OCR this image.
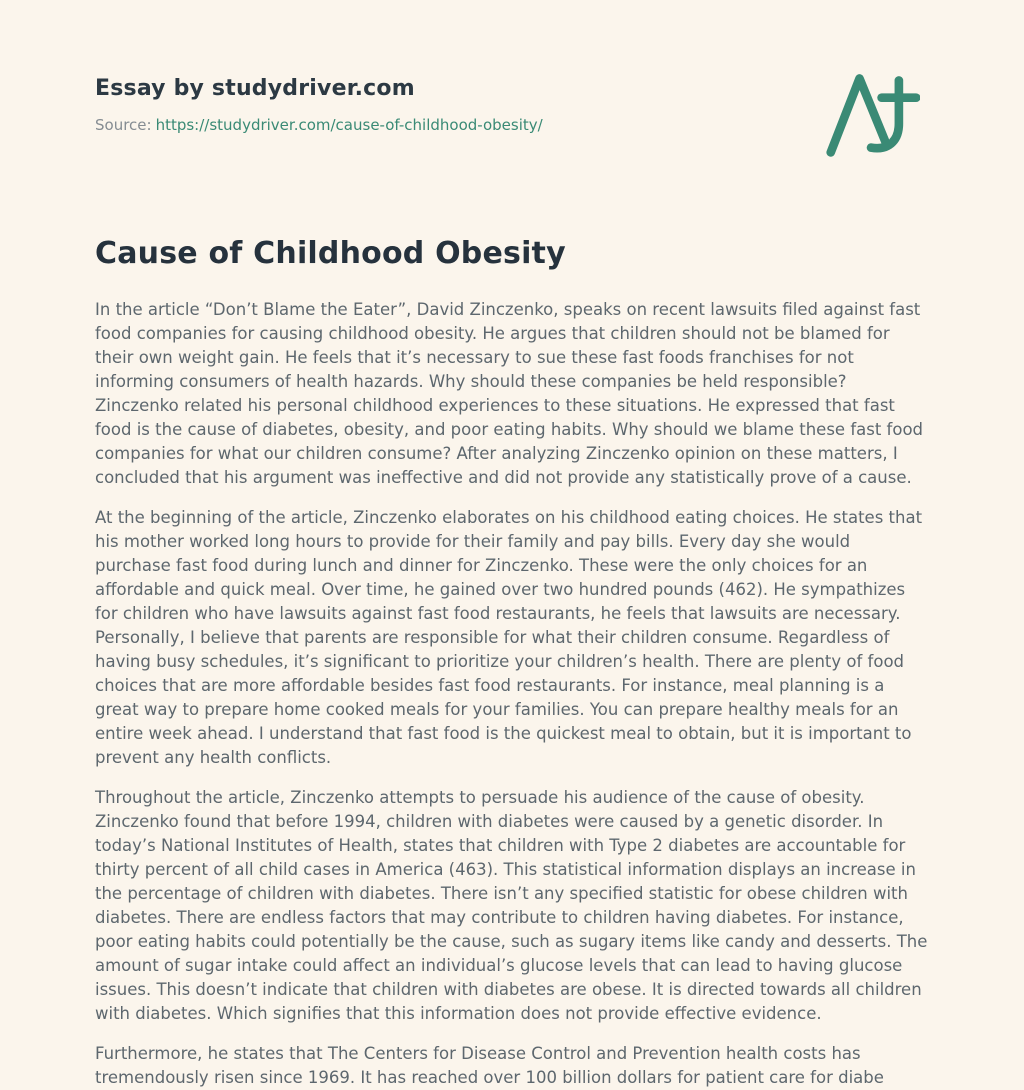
Essay by studydriver.com
Source: https://studydriver.com/cause-of-childhood-obesity/
Cause of Childhood Obesity

In the article “Don’t Blame the Eater”, David Zinczenko, speaks on recent lawsuits filed against fast food companies for causing childhood obesity. He argues that children should not be blamed for their own weight gain. He feels that it’s necessary to sue these fast foods franchises for not informing consumers of health hazards. Why should these companies be held responsible? Zinczenko related his personal childhood experiences to these situations. He expressed that fast food is the cause of diabetes, obesity, and poor eating habits. Why should we blame these fast food companies for what our children consume? After analyzing Zinczenko opinion on these matters, I concluded that his argument was ineffective and did not provide any statistically prove of a cause.

At the beginning of the article, Zinczenko elaborates on his childhood eating choices. He states that his mother worked long hours to provide for their family and pay bills. Every day she would purchase fast food during lunch and dinner for Zinczenko. These were the only choices for an affordable and quick meal. Over time, he gained over two hundred pounds (462). He sympathizes for children who have lawsuits against fast food restaurants, he feels that lawsuits are necessary. Personally, I believe that parents are responsible for what their children consume. Regardless of having busy schedules, it’s significant to prioritize your children’s health. There are plenty of food choices that are more affordable besides fast food restaurants. For instance, meal planning is a great way to prepare home cooked meals for your families. You can prepare healthy meals for an entire week ahead. I understand that fast food is the quickest meal to obtain, but it is important to prevent any health conflicts.

Throughout the article, Zinczenko attempts to persuade his audience of the cause of obesity. Zinczenko found that before 1994, children with diabetes were caused by a genetic disorder. In today’s National Institutes of Health, states that children with Type 2 diabetes are accountable for thirty percent of all child cases in America (463). This statistical information displays an increase in the percentage of children with diabetes. There isn’t any specified statistic for obese children with diabetes. There are endless factors that may contribute to children having diabetes. For instance, poor eating habits could potentially be the cause, such as sugary items like candy and desserts. The amount of sugar intake could affect an individual’s glucose levels that can lead to having glucose issues. This doesn’t indicate that children with diabetes are obese. It is directed towards all children with diabetes. Which signifies that this information does not provide effective evidence.

Furthermore, he states that The Centers for Disease Control and Prevention health costs has tremendously risen since 1969. It has reached over 100 billion dollars for patient care for diabe
